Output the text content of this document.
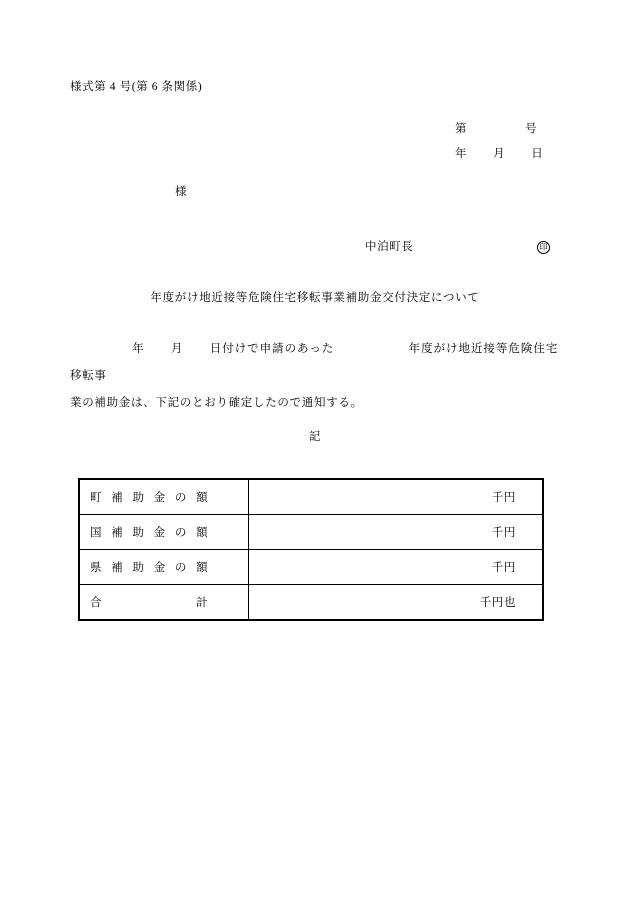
様式第 4 号(第 6 条関係)
第	号
年 月 日
様
中泊町長	印
年度がけ地近接等危険住宅移転事業補助金交付決定について
年 月 日付けで申請のあった	年度がけ地近接等危険住宅移転事
業の補助金は、下記のとおり確定したので通知する。
記
町 補 助 金 の 額	千円

国 補 助 金 の 額	千円

県 補 助 金 の 額	千円

合 計	千円也
